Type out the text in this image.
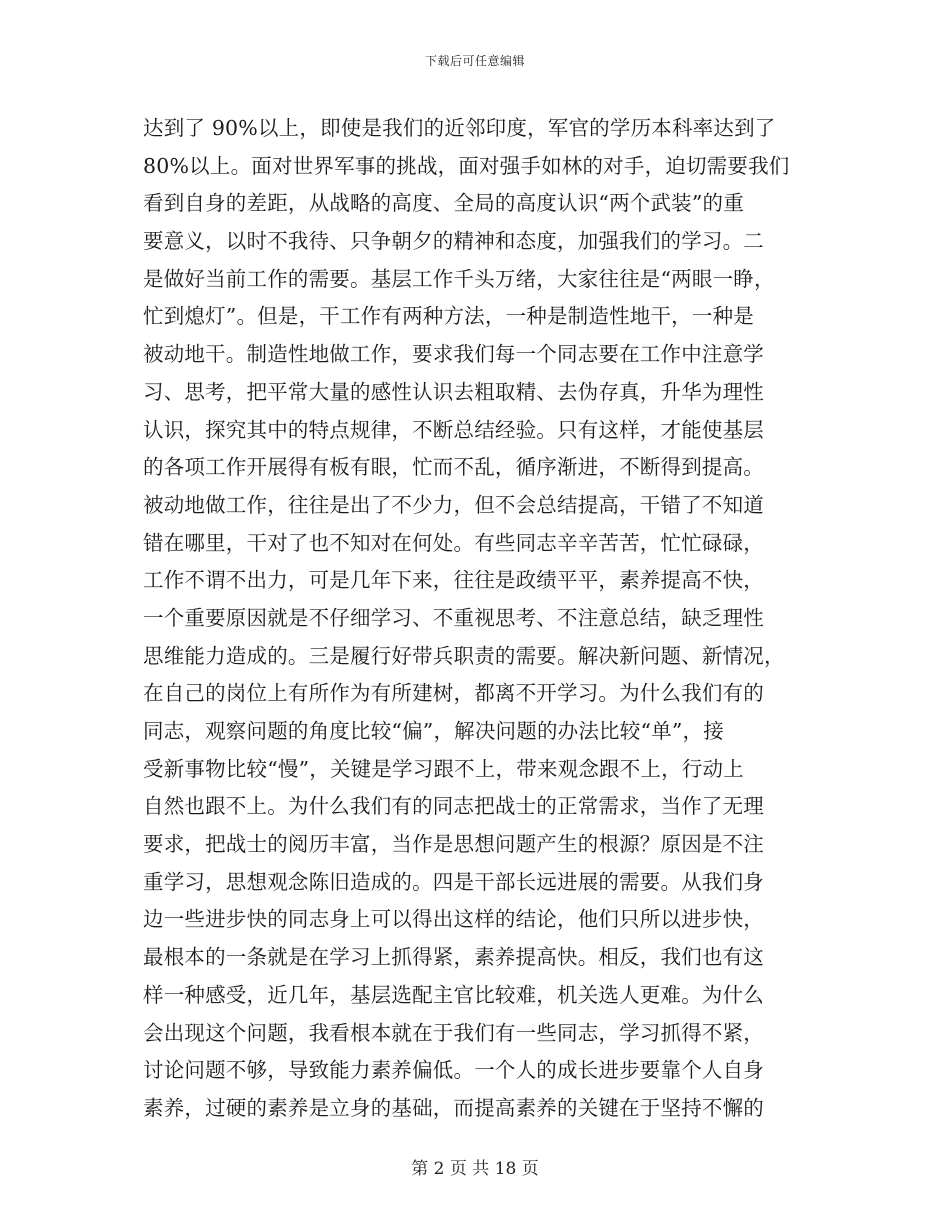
下载后可任意编辑
达到了 90%以上，即使是我们的近邻印度，军官的学历本科率达到了
80%以上。面对世界军事的挑战，面对强手如林的对手，迫切需要我们
看到自身的差距，从战略的高度、全局的高度认识“两个武装”的重
要意义，以时不我待、只争朝夕的精神和态度，加强我们的学习。二
是做好当前工作的需要。基层工作千头万绪，大家往往是“两眼一睁，
忙到熄灯”。但是，干工作有两种方法，一种是制造性地干，一种是
被动地干。制造性地做工作，要求我们每一个同志要在工作中注意学
习、思考，把平常大量的感性认识去粗取精、去伪存真，升华为理性
认识，探究其中的特点规律，不断总结经验。只有这样，才能使基层
的各项工作开展得有板有眼，忙而不乱，循序渐进，不断得到提高。
被动地做工作，往往是出了不少力，但不会总结提高，干错了不知道
错在哪里，干对了也不知对在何处。有些同志辛辛苦苦，忙忙碌碌，
工作不谓不出力，可是几年下来，往往是政绩平平，素养提高不快，
一个重要原因就是不仔细学习、不重视思考、不注意总结，缺乏理性
思维能力造成的。三是履行好带兵职责的需要。解决新问题、新情况，
在自己的岗位上有所作为有所建树，都离不开学习。为什么我们有的
同志，观察问题的角度比较“偏”，解决问题的办法比较“单”，接
受新事物比较“慢”，关键是学习跟不上，带来观念跟不上，行动上
自然也跟不上。为什么我们有的同志把战士的正常需求，当作了无理
要求，把战士的阅历丰富，当作是思想问题产生的根源？原因是不注
重学习，思想观念陈旧造成的。四是干部长远进展的需要。从我们身
边一些进步快的同志身上可以得出这样的结论，他们只所以进步快，
最根本的一条就是在学习上抓得紧，素养提高快。相反，我们也有这
样一种感受，近几年，基层选配主官比较难，机关选人更难。为什么
会出现这个问题，我看根本就在于我们有一些同志，学习抓得不紧，
讨论问题不够，导致能力素养偏低。一个人的成长进步要靠个人自身
素养，过硬的素养是立身的基础，而提高素养的关键在于坚持不懈的
第 2 页 共 18 页
